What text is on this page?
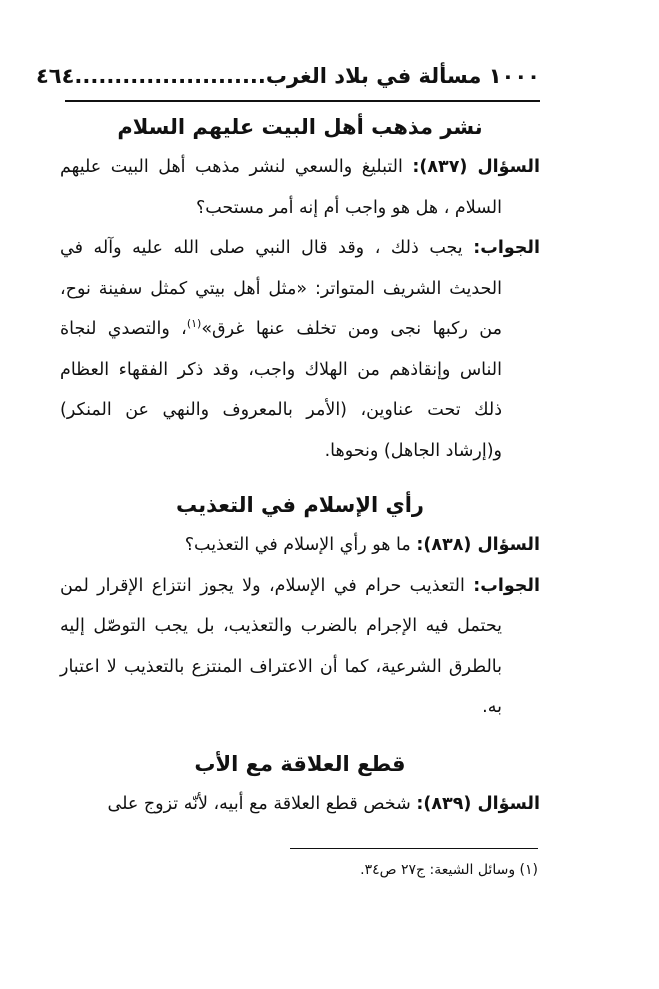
١٠٠٠ مسألة في بلاد الغرب........................٤٦٤
نشر مذهب أهل البيت عليهم السلام

السؤال (٨٣٧): التبليغ والسعي لنشر مذهب أهل البيت عليهم السلام ، هل هو واجب أم إنه أمر مستحب؟

الجواب: يجب ذلك ، وقد قال النبي صلى الله عليه وآله في الحديث الشريف المتواتر: «مثل أهل بيتي كمثل سفينة نوح، من ركبها نجى ومن تخلف عنها غرق»$^{(١)}$، والتصدي لنجاة الناس وإنقاذهم من الهلاك واجب، وقد ذكر الفقهاء العظام ذلك تحت عناوين، (الأمر بالمعروف والنهي عن المنكر) و(إرشاد الجاهل) ونحوها.

رأي الإسلام في التعذيب

السؤال (٨٣٨): ما هو رأي الإسلام في التعذيب؟

الجواب: التعذيب حرام في الإسلام، ولا يجوز انتزاع الإقرار لمن يحتمل فيه الإجرام بالضرب والتعذيب، بل يجب التوصّل إليه بالطرق الشرعية، كما أن الاعتراف المنتزع بالتعذيب لا اعتبار به.

قطع العلاقة مع الأب

السؤال (٨٣٩): شخص قطع العلاقة مع أبيه، لأنّه تزوج على

(١) وسائل الشيعة: ج٢٧ ص٣٤.
